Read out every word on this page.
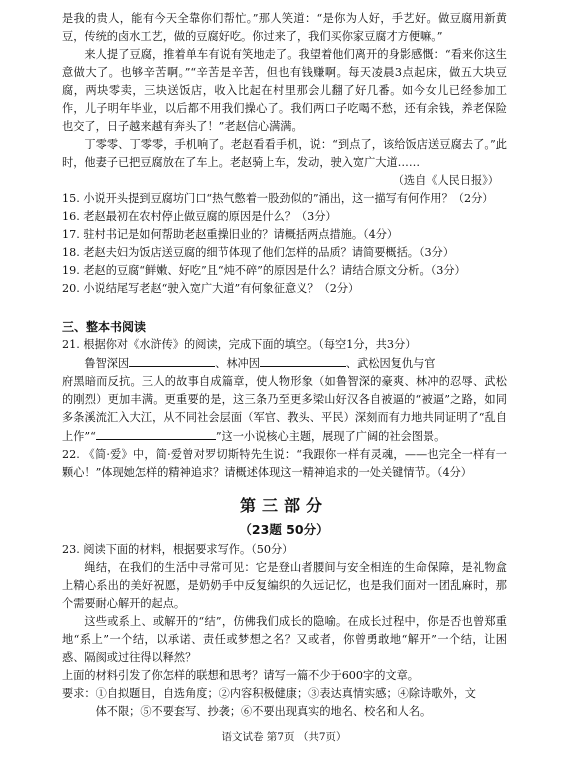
是我的贵人，能有今天全靠你们帮忙。”那人笑道：“是你为人好，手艺好。做豆腐用新黄豆，传统的卤水工艺，做的豆腐好吃。你过来了，我们买你家豆腐才方便嘛。”

来人提了豆腐，推着单车有说有笑地走了。我望着他们离开的身影感慨：“看来你这生意做大了。也够辛苦啊。”“辛苦是辛苦，但也有钱赚啊。每天凌晨3点起床，做五大块豆腐，两块零卖，三块送饭店，收入比起在村里那会儿翻了好几番。如今女儿已经参加工作，儿子明年毕业，以后都不用我们操心了。我们两口子吃喝不愁，还有余钱，养老保险也交了，日子越来越有奔头了！”老赵信心满满。

丁零零、丁零零，手机响了。老赵看看手机，说：“到点了，该给饭店送豆腐去了。”此时，他妻子已把豆腐放在了车上。老赵骑上车，发动，驶入宽广大道……

（选自《人民日报》）

15. 小说开头提到豆腐坊门口“热气憋着一股劲似的”涌出，这一描写有何作用？（2分）

16. 老赵最初在农村停止做豆腐的原因是什么？（3分）

17. 驻村书记是如何帮助老赵重操旧业的？请概括两点措施。（4分）

18. 老赵夫妇为饭店送豆腐的细节体现了他们怎样的品质？请简要概括。（3分）

19. 老赵的豆腐“鲜嫩、好吃”且“炖不碎”的原因是什么？请结合原文分析。（3分）

20. 小说结尾写老赵“驶入宽广大道”有何象征意义？（2分）

三、整本书阅读

21. 根据你对《水浒传》的阅读，完成下面的填空。（每空1分，共3分）

鲁智深因	、林冲因	、武松因复仇与官

府黑暗而反抗。三人的故事自成篇章，使人物形象（如鲁智深的豪爽、林冲的忍辱、武松的刚烈）更加丰满。更重要的是，这三条乃至更多梁山好汉各自被逼的“被逼”之路，如同多条溪流汇入大江，从不同社会层面（军官、教头、平民）深刻而有力地共同证明了“乱自上作”“	”这一小说核心主题，展现了广阔的社会图景。

22. 《简·爱》中，简·爱曾对罗切斯特先生说：“我跟你一样有灵魂，——也完全一样有一颗心！”体现她怎样的精神追求？请概述体现这一精神追求的一处关键情节。（4分）

第三部分
（23题 50分）

23. 阅读下面的材料，根据要求写作。（50分）

绳结，在我们的生活中寻常可见：它是登山者腰间与安全相连的生命保障，是礼物盒上精心系出的美好祝愿，是奶奶手中反复编织的久远记忆，也是我们面对一团乱麻时，那个需要耐心解开的起点。

这些或系上、或解开的“结”，仿佛我们成长的隐喻。在成长过程中，你是否也曾郑重地“系上”一个结，以承诺、责任或梦想之名？又或者，你曾勇敢地“解开”一个结，让困惑、隔阂或过往得以释然？

上面的材料引发了你怎样的联想和思考？请写一篇不少于600字的文章。

要求：①自拟题目，自选角度；②内容积极健康；③表达真情实感；④除诗歌外，文

体不限；⑤不要套写、抄袭；⑥不要出现真实的地名、校名和人名。

语文试卷 第7页 （共7页）
